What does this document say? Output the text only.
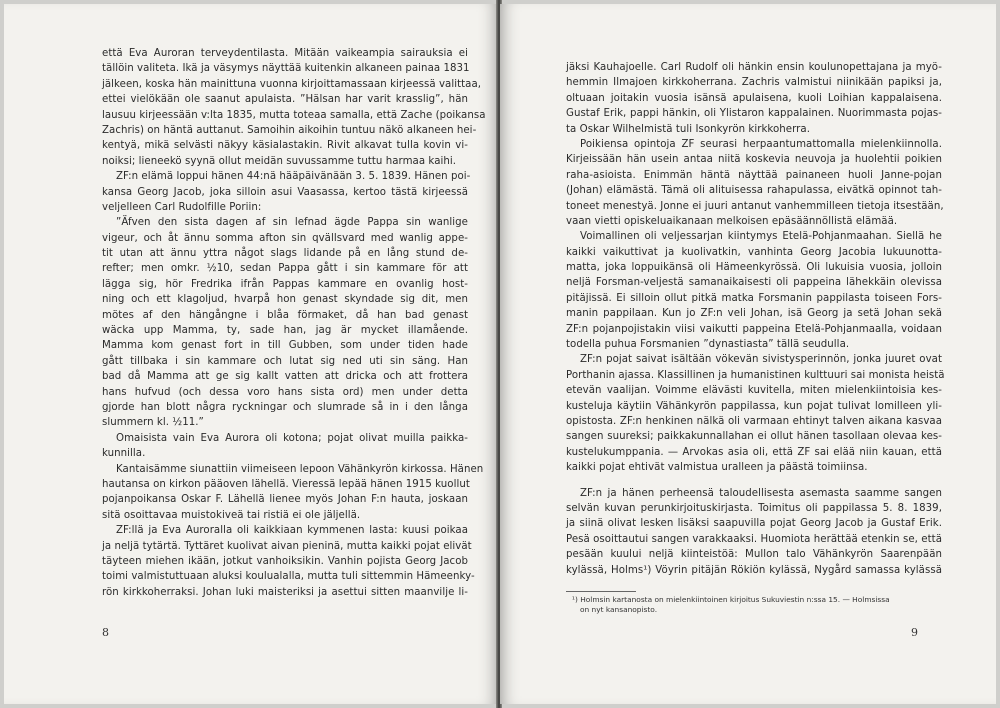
että Eva Auroran terveydentilasta. Mitään vaikeampia sairauksia ei
tällöin valiteta. Ikä ja väsymys näyttää kuitenkin alkaneen painaa 1831
jälkeen, koska hän mainittuna vuonna kirjoittamassaan kirjeessä valittaa,
ettei vielökään ole saanut apulaista. ”Hälsan har varit krasslig”, hän
lausuu kirjeessään v:lta 1835, mutta toteaa samalla, että Zache (poikansa
Zachris) on häntä auttanut. Samoihin aikoihin tuntuu näkö alkaneen hei-
kentyä, mikä selvästi näkyy käsialastakin. Rivit alkavat tulla kovin vi-
noiksi; lieneekö syynä ollut meidän suvussamme tuttu harmaa kaihi.
ZF:n elämä loppui hänen 44:nä hääpäivänään 3. 5. 1839. Hänen poi-
kansa Georg Jacob, joka silloin asui Vaasassa, kertoo tästä kirjeessä
veljelleen Carl Rudolfille Poriin:
”Äfven den sista dagen af sin lefnad ägde Pappa sin wanlige
vigeur, och åt ännu somma afton sin qvällsvard med wanlig appe-
tit utan att ännu yttra något slags lidande på en lång stund de-
refter; men omkr. ½10, sedan Pappa gått i sin kammare för att
lägga sig, hör Fredrika ifrån Pappas kammare en ovanlig host-
ning och ett klagoljud, hvarpå hon genast skyndade sig dit, men
mötes af den hängångne i blåa förmaket, då han bad genast
wäcka upp Mamma, ty, sade han, jag är mycket illamående.
Mamma kom genast fort in till Gubben, som under tiden hade
gått tillbaka i sin kammare och lutat sig ned uti sin säng. Han
bad då Mamma att ge sig kallt vatten att dricka och att frottera
hans hufvud (och dessa voro hans sista ord) men under detta
gjorde han blott några ryckningar och slumrade så in i den långa
slummern kl. ½11.”
Omaisista vain Eva Aurora oli kotona; pojat olivat muilla paikka-
kunnilla.
Kantaisämme siunattiin viimeiseen lepoon Vähänkyrön kirkossa. Hänen
hautansa on kirkon pääoven lähellä. Vieressä lepää hänen 1915 kuollut
pojanpoikansa Oskar F. Lähellä lienee myös Johan F:n hauta, joskaan
sitä osoittavaa muistokiveä tai ristiä ei ole jäljellä.
ZF:llä ja Eva Auroralla oli kaikkiaan kymmenen lasta: kuusi poikaa
ja neljä tytärtä. Tyttäret kuolivat aivan pieninä, mutta kaikki pojat elivät
täyteen miehen ikään, jotkut vanhoiksikin. Vanhin pojista Georg Jacob
toimi valmistuttuaan aluksi koulualalla, mutta tuli sittemmin Hämeenky-
rön kirkkoherraksi. Johan luki maisteriksi ja asettui sitten maanvilje li-
8
jäksi Kauhajoelle. Carl Rudolf oli hänkin ensin koulunopettajana ja myö-
hemmin Ilmajoen kirkkoherrana. Zachris valmistui niinikään papiksi ja,
oltuaan joitakin vuosia isänsä apulaisena, kuoli Loihian kappalaisena.
Gustaf Erik, pappi hänkin, oli Ylistaron kappalainen. Nuorimmasta pojas-
ta Oskar Wilhelmistä tuli Isonkyrön kirkkoherra.
Poikiensa opintoja ZF seurasi herpaantumattomalla mielenkiinnolla.
Kirjeissään hän usein antaa niitä koskevia neuvoja ja huolehtii poikien
raha-asioista. Enimmän häntä näyttää painaneen huoli Janne-pojan
(Johan) elämästä. Tämä oli alituisessa rahapulassa, eivätkä opinnot tah-
toneet menestyä. Jonne ei juuri antanut vanhemmilleen tietoja itsestään,
vaan vietti opiskeluaikanaan melkoisen epäsäännöllistä elämää.
Voimallinen oli veljessarjan kiintymys Etelä-Pohjanmaahan. Siellä he
kaikki vaikuttivat ja kuolivatkin, vanhinta Georg Jacobia lukuunotta-
matta, joka loppuikänsä oli Hämeenkyrössä. Oli lukuisia vuosia, jolloin
neljä Forsman-veljestä samanaikaisesti oli pappeina lähekkäin olevissa
pitäjissä. Ei silloin ollut pitkä matka Forsmanin pappilasta toiseen Fors-
manin pappilaan. Kun jo ZF:n veli Johan, isä Georg ja setä Johan sekä
ZF:n pojanpojistakin viisi vaikutti pappeina Etelä-Pohjanmaalla, voidaan
todella puhua Forsmanien ”dynastiasta” tällä seudulla.
ZF:n pojat saivat isältään vökevän sivistysperinnön, jonka juuret ovat
Porthanin ajassa. Klassillinen ja humanistinen kulttuuri sai monista heistä
etevän vaalijan. Voimme elävästi kuvitella, miten mielenkiintoisia kes-
kusteluja käytiin Vähänkyrön pappilassa, kun pojat tulivat lomilleen yli-
opistosta. ZF:n henkinen nälkä oli varmaan ehtinyt talven aikana kasvaa
sangen suureksi; paikkakunnallahan ei ollut hänen tasollaan olevaa kes-
kustelukumppania. — Arvokas asia oli, että ZF sai elää niin kauan, että
kaikki pojat ehtivät valmistua uralleen ja päästä toimiinsa.
ZF:n ja hänen perheensä taloudellisesta asemasta saamme sangen
selvän kuvan perunkirjoituskirjasta. Toimitus oli pappilassa 5. 8. 1839,
ja siinä olivat lesken lisäksi saapuvilla pojat Georg Jacob ja Gustaf Erik.
Pesä osoittautui sangen varakkaaksi. Huomiota herättää etenkin se, että
pesään kuului neljä kiinteistöä: Mullon talo Vähänkyrön Saarenpään
kylässä, Holms¹) Vöyrin pitäjän Rökiön kylässä, Nygård samassa kylässä
¹) Holmsin kartanosta on mielenkiintoinen kirjoitus Sukuviestin n:ssa 15. — Holmsissa
on nyt kansanopisto.
9
